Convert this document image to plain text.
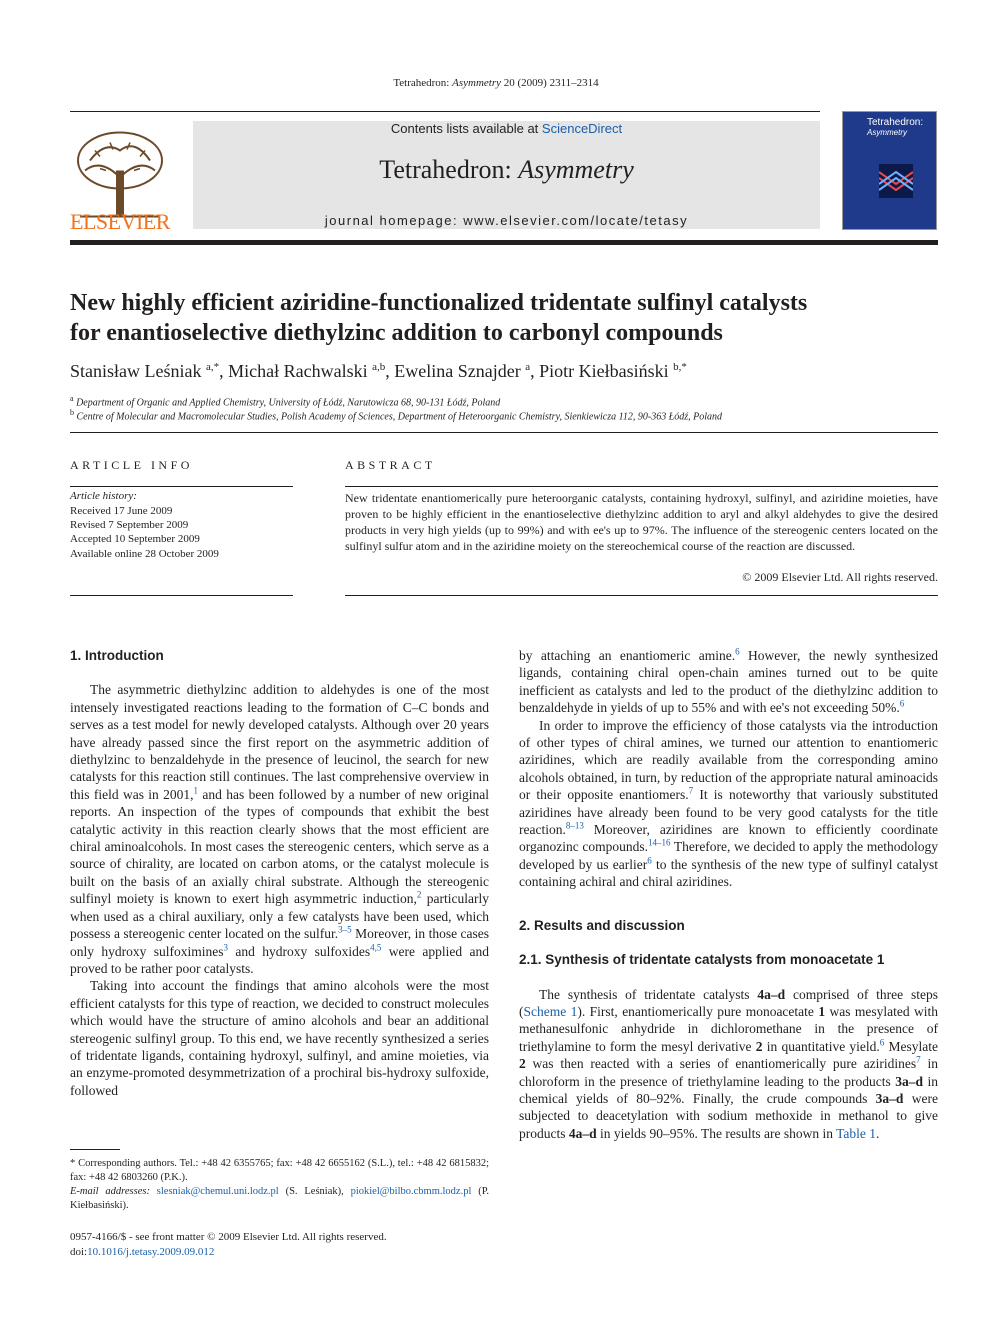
Tetrahedron: Asymmetry 20 (2009) 2311–2314
ELSEVIER
Contents lists available at ScienceDirect
Tetrahedron: Asymmetry
journal homepage: www.elsevier.com/locate/tetasy
Tetrahedron:
Asymmetry
New highly efficient aziridine-functionalized tridentate sulfinyl catalysts
for enantioselective diethylzinc addition to carbonyl compounds
Stanisław Leśniak $^{a,*}$, Michał Rachwalski $^{a,b}$, Ewelina Sznajder $^a$, Piotr Kiełbasiński $^{b,*}$
$^a$ Department of Organic and Applied Chemistry, University of Łódź, Narutowicza 68, 90-131 Łódź, Poland
$^b$ Centre of Molecular and Macromolecular Studies, Polish Academy of Sciences, Department of Heteroorganic Chemistry, Sienkiewicza 112, 90-363 Łódź, Poland
ARTICLE INFO
Article history:
Received 17 June 2009
Revised 7 September 2009
Accepted 10 September 2009
Available online 28 October 2009
ABSTRACT
New tridentate enantiomerically pure heteroorganic catalysts, containing hydroxyl, sulfinyl, and aziridine moieties, have proven to be highly efficient in the enantioselective diethylzinc addition to aryl and alkyl aldehydes to give the desired products in very high yields (up to 99%) and with ee's up to 97%. The influence of the stereogenic centers located on the sulfinyl sulfur atom and in the aziridine moiety on the stereochemical course of the reaction are discussed.
© 2009 Elsevier Ltd. All rights reserved.
1. Introduction

The asymmetric diethylzinc addition to aldehydes is one of the most intensely investigated reactions leading to the formation of C–C bonds and serves as a test model for newly developed catalysts. Although over 20 years have already passed since the first report on the asymmetric addition of diethylzinc to benzaldehyde in the presence of leucinol, the search for new catalysts for this reaction still continues. The last comprehensive overview in this field was in 2001,$^1$ and has been followed by a number of new original reports. An inspection of the types of compounds that exhibit the best catalytic activity in this reaction clearly shows that the most efficient are chiral aminoalcohols. In most cases the stereogenic centers, which serve as a source of chirality, are located on carbon atoms, or the catalyst molecule is built on the basis of an axially chiral substrate. Although the stereogenic sulfinyl moiety is known to exert high asymmetric induction,$^2$ particularly when used as a chiral auxiliary, only a few catalysts have been used, which possess a stereogenic center located on the sulfur.$^{3-5}$ Moreover, in those cases only hydroxy sulfoximines$^3$ and hydroxy sulfoxides$^{4,5}$ were applied and proved to be rather poor catalysts.

Taking into account the findings that amino alcohols were the most efficient catalysts for this type of reaction, we decided to construct molecules which would have the structure of amino alcohols and bear an additional stereogenic sulfinyl group. To this end, we have recently synthesized a series of tridentate ligands, containing hydroxyl, sulfinyl, and amine moieties, via an enzyme-promoted desymmetrization of a prochiral bis-hydroxy sulfoxide, followed

* Corresponding authors. Tel.: +48 42 6355765; fax: +48 42 6655162 (S.L.), tel.: +48 42 6815832; fax: +48 42 6803260 (P.K.).
E-mail addresses: slesniak@chemul.uni.lodz.pl (S. Leśniak), piokiel@bilbo.cbmm.lodz.pl (P. Kiełbasiński).
0957-4166/$ - see front matter © 2009 Elsevier Ltd. All rights reserved.
doi:10.1016/j.tetasy.2009.09.012

by attaching an enantiomeric amine.$^6$ However, the newly synthesized ligands, containing chiral open-chain amines turned out to be quite inefficient as catalysts and led to the product of the diethylzinc addition to benzaldehyde in yields of up to 55% and with ee's not exceeding 50%.$^6$

In order to improve the efficiency of those catalysts via the introduction of other types of chiral amines, we turned our attention to enantiomeric aziridines, which are readily available from the corresponding amino alcohols obtained, in turn, by reduction of the appropriate natural aminoacids or their opposite enantiomers.$^7$ It is noteworthy that variously substituted aziridines have already been found to be very good catalysts for the title reaction.$^{8-13}$ Moreover, aziridines are known to efficiently coordinate organozinc compounds.$^{14-16}$ Therefore, we decided to apply the methodology developed by us earlier$^6$ to the synthesis of the new type of sulfinyl catalyst containing achiral and chiral aziridines.

2. Results and discussion
2.1. Synthesis of tridentate catalysts from monoacetate 1

The synthesis of tridentate catalysts 4a–d comprised of three steps (Scheme 1). First, enantiomerically pure monoacetate 1 was mesylated with methanesulfonic anhydride in dichloromethane in the presence of triethylamine to form the mesyl derivative 2 in quantitative yield.$^6$ Mesylate 2 was then reacted with a series of enantiomerically pure aziridines$^7$ in chloroform in the presence of triethylamine leading to the products 3a–d in chemical yields of 80–92%. Finally, the crude compounds 3a–d were subjected to deacetylation with sodium methoxide in methanol to give products 4a–d in yields 90–95%. The results are shown in Table 1.
